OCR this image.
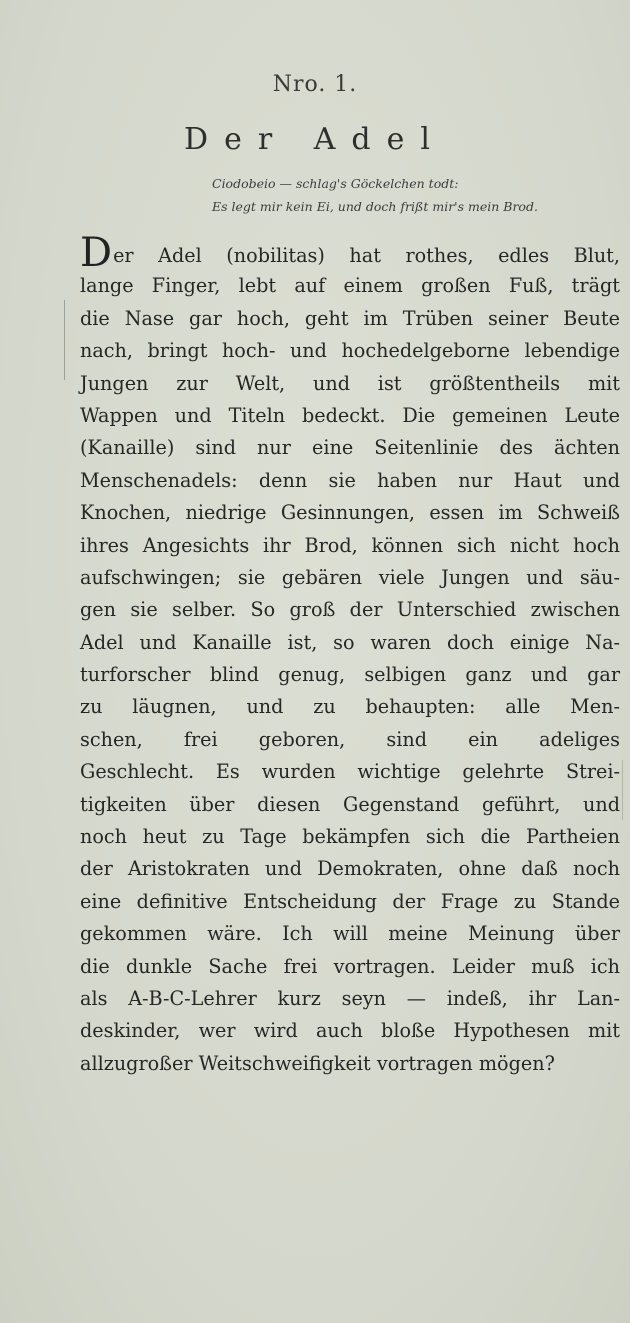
Nro. 1.
Der Adel
Ciodobeio — schlag's Göckelchen todt:
Es legt mir kein Ei, und doch frißt mir's mein Brod.
Der Adel (nobilitas) hat rothes, edles Blut,
lange Finger, lebt auf einem großen Fuß, trägt
die Nase gar hoch, geht im Trüben seiner Beute
nach, bringt hoch- und hochedelgeborne lebendige
Jungen zur Welt, und ist größtentheils mit
Wappen und Titeln bedeckt. Die gemeinen Leute
(Kanaille) sind nur eine Seitenlinie des ächten
Menschenadels: denn sie haben nur Haut und
Knochen, niedrige Gesinnungen, essen im Schweiß
ihres Angesichts ihr Brod, können sich nicht hoch
aufschwingen; sie gebären viele Jungen und säu-
gen sie selber. So groß der Unterschied zwischen
Adel und Kanaille ist, so waren doch einige Na-
turforscher blind genug, selbigen ganz und gar
zu läugnen, und zu behaupten: alle Men-
schen, frei geboren, sind ein adeliges
Geschlecht. Es wurden wichtige gelehrte Strei-
tigkeiten über diesen Gegenstand geführt, und
noch heut zu Tage bekämpfen sich die Partheien
der Aristokraten und Demokraten, ohne daß noch
eine definitive Entscheidung der Frage zu Stande
gekommen wäre. Ich will meine Meinung über
die dunkle Sache frei vortragen. Leider muß ich
als A-B-C-Lehrer kurz seyn — indeß, ihr Lan-
deskinder, wer wird auch bloße Hypothesen mit
allzugroßer Weitschweifigkeit vortragen mögen?
